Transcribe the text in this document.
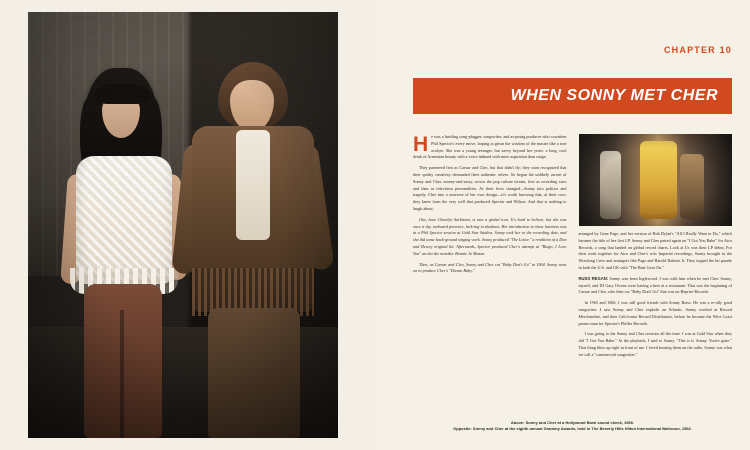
CHAPTER 10
WHEN SONNY MET CHER

He was a hustling song-plugger, songwriter, and as-piring producer who cowritten Phil Spector's every move, hoping to glean the wisdom of the master like a true acolyte. She was a young teenager, but savvy beyond her years: a long, cool drink of Armenian beauty with a voice imbued with more aspiration than range.

They partnered first as Caesar and Cleo, but that didn't fly; they soon recognized that their quirky creativity demanded their authentic selves. So began the unlikely ascent of Sonny and Cher, money-and-sassy, across the pop culture terrain, first as recording stars and then as television personalities. As their lives changed—Sonny into politics and tragedy, Cher into a universe of her own design—it's worth knowing that, at their core, they knew from the very well that produced Spector and Wilson. And that is nothing to laugh about.

One, bare Charilyn Sarkisian, is now a global icon. It's hard to believe, but she was once a shy, awkward presence, lurk-ing in shadows. Her introduction to show business was at a Phil Spector session at Gold Star Studios. Sonny took her to the recording date, and she did some back-ground singing work. Sonny produced "The Letter," a rendition of a Don and Dewey original hit. Afterwards, Spector produced Cher's attempt at "Ringo, I Love You" un-der the moniker Bonnie Jo Mason.

Then, as Caesar and Cleo, Sonny and Cher cut "Baby Don't Go" in 1964. Sonny went on to produce Cher's "Dream Baby,"

arranged by Gene Page, and her version of Bob Dylan's "All I Really Want to Do," which became the title of her first LP. Sonny and Cher paired again on "I Got You Babe" for Atco Records, a song that landed on global record charts. Look at Us was their LP debut. For their work together for Atco and Cher's solo Imperial recordings, Sonny brought in the Wrecking Crew and arrangers like Page and Harold Battiste Jr. They topped the hit parade in both the U.S. and UK with "The Beat Goes On."

RUSS REGAN: Sonny was from Inglewood. I was with him when he met Cher. Sonny, myself, and DJ Gary Owens were having a beer at a restaurant. That was the beginning of Caesar and Cleo, who then cut "Baby Don't Go" that was on Reprise Records.

In 1965 and 1966, I was still good friends with Sonny Bono. He was a re-ally good songwriter. I saw Sonny and Cher explode on Atlantic. Sonny worked at Record Merchandise, and then Cali-fornia Record Distributors, before he became the West Coast promo man for Spector's Philles Records.

I was going to the Sonny and Cher sessions all the time. I was at Gold Star when they did "I Got You Babe." At the playback, I said to Sonny, "This is it. Sonny. You're gone." That thing blew up right in front of me. I loved hearing them on the radio. Sonny was what we call a "commercial songwriter."

Above: Sonny and Cher at a Hollywood Bowl sound check, 1966.
Opposite: Sonny and Cher at the eighth annual Grammy Awards, held in The Beverly Hills Hilton International Ballroom, 1966.
